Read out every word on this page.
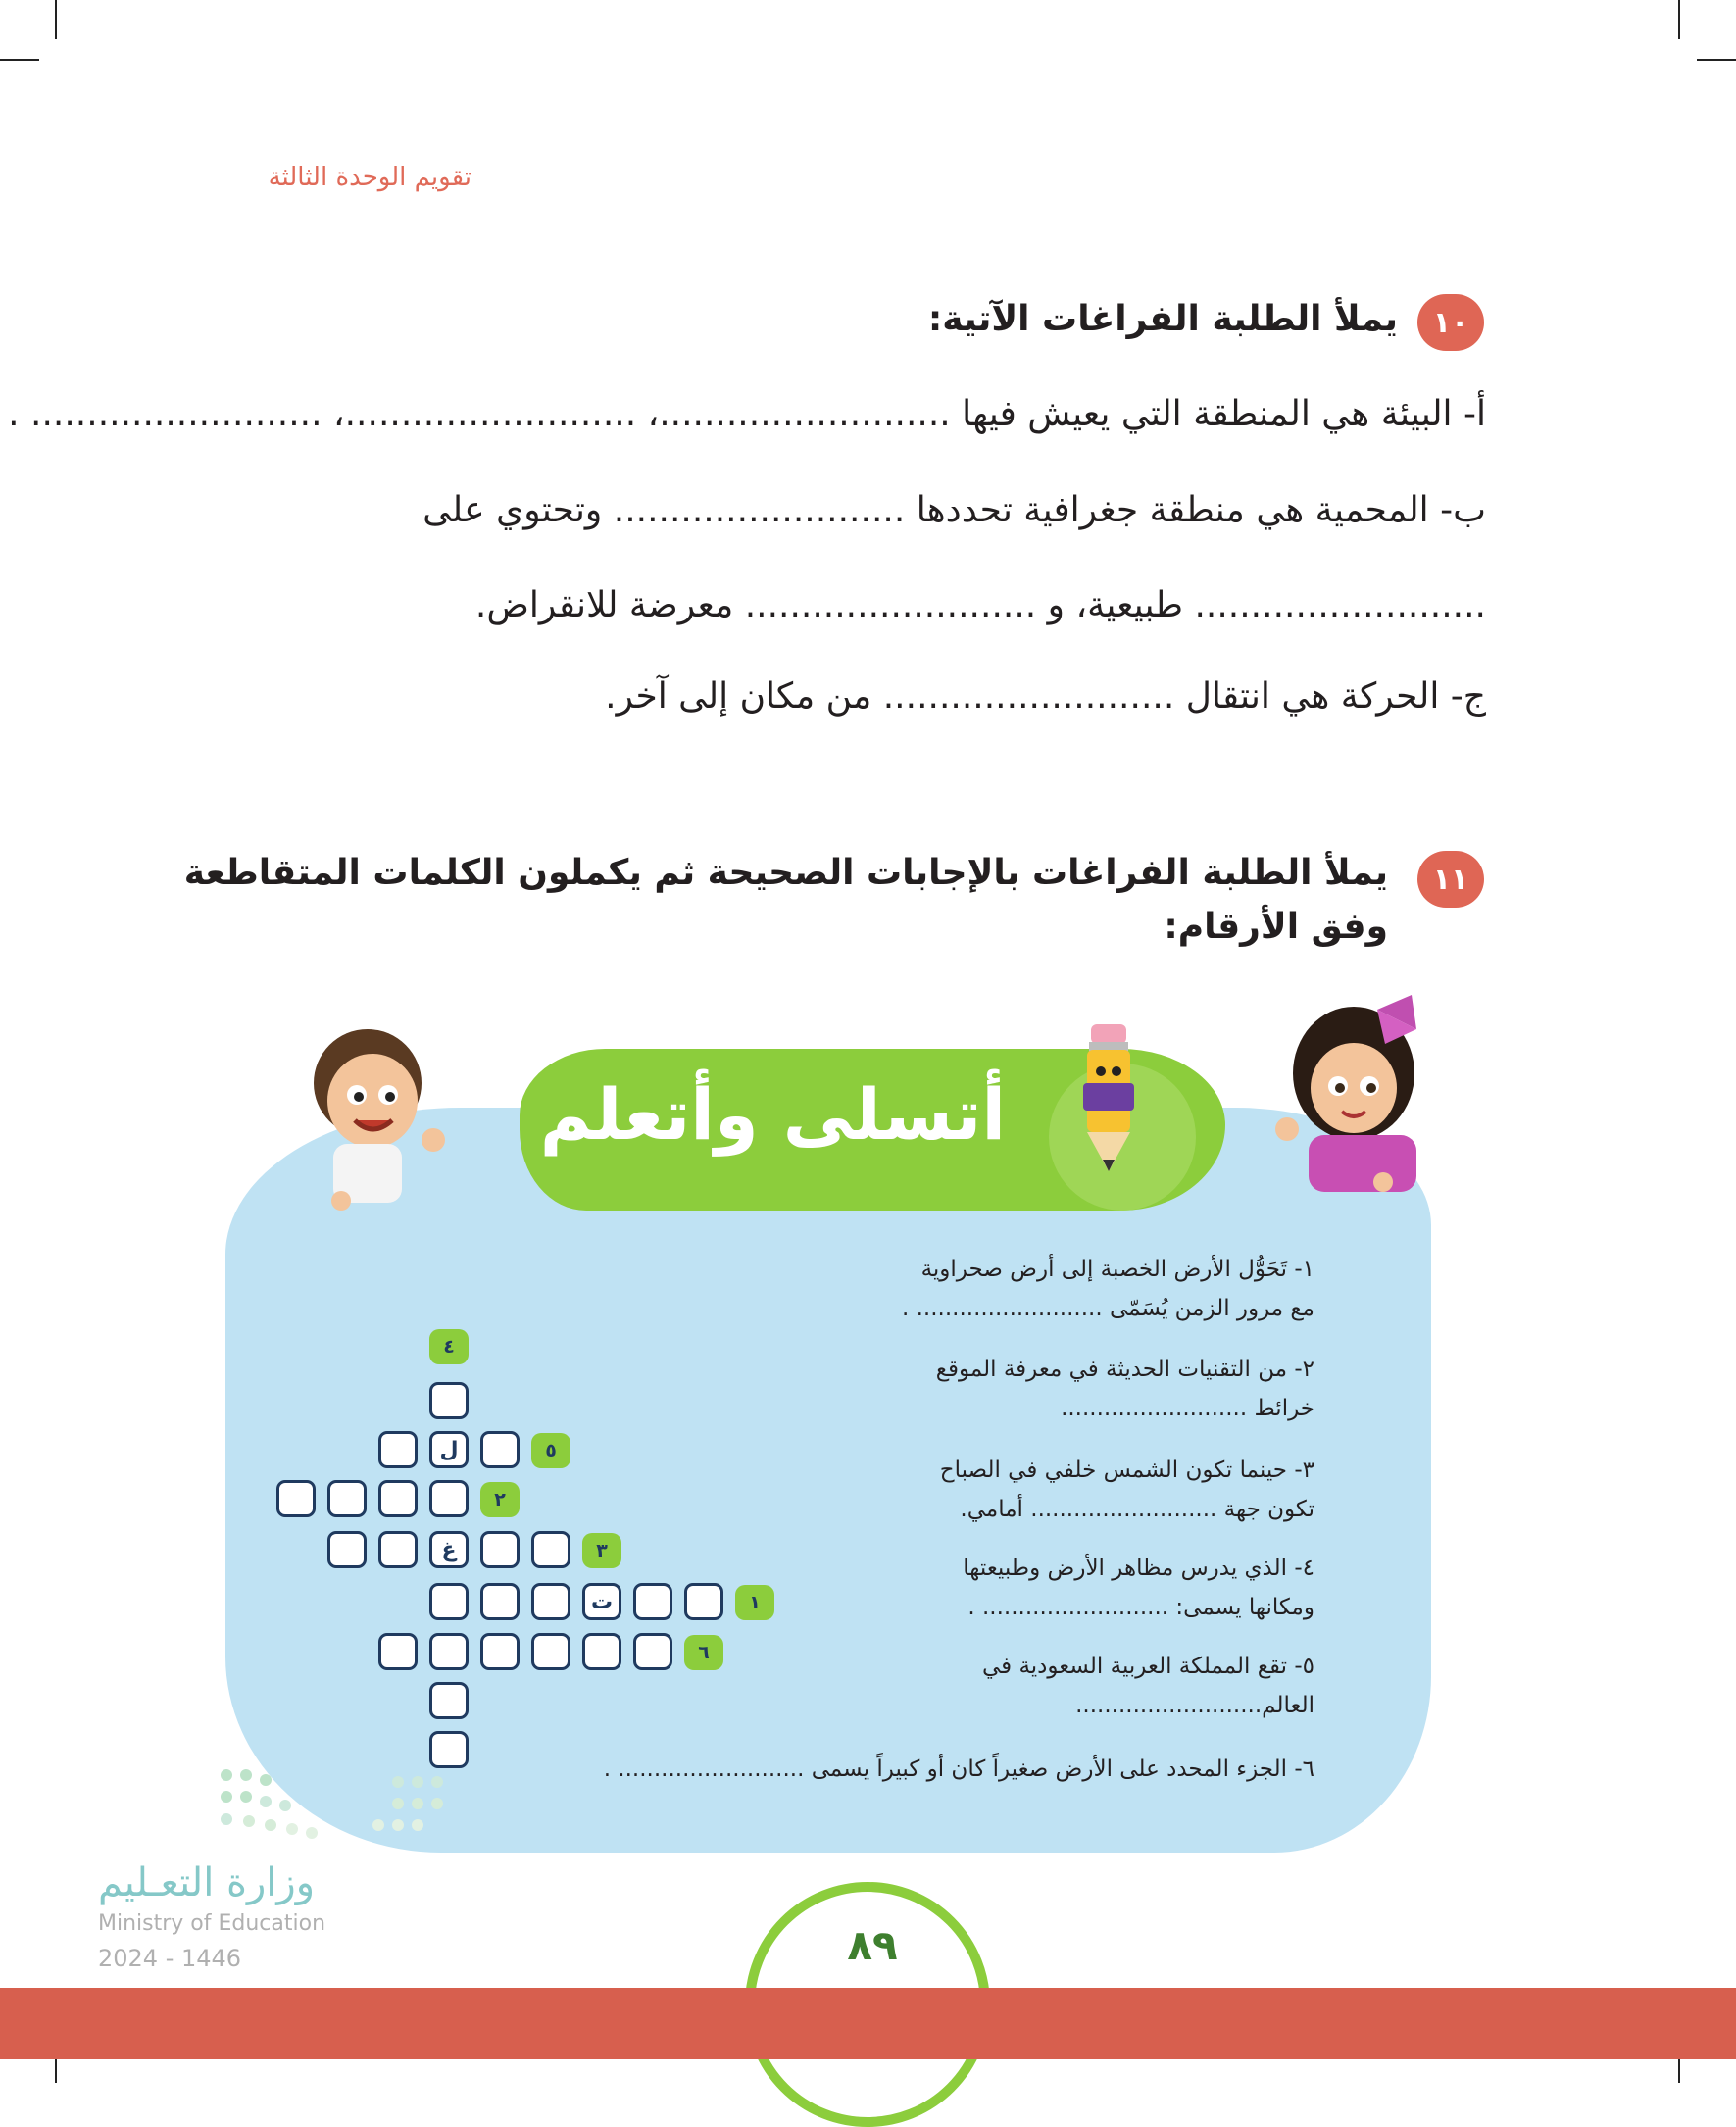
تقويم الوحدة الثالثة
١٠
يملأ الطلبة الفراغات الآتية:
أ- البيئة هي المنطقة التي يعيش فيها ..........................، ..........................، .......................... .
ب- المحمية هي منطقة جغرافية تحددها .......................... وتحتوي على
.......................... طبيعية، و .......................... معرضة للانقراض.
ج- الحركة هي انتقال .......................... من مكان إلى آخر.
١١
يملأ الطلبة الفراغات بالإجابات الصحيحة ثم يكملون الكلمات المتقاطعة
وفق الأرقام:
أتسلى وأتعلم
١- تَحَوُّل الأرض الخصبة إلى أرض صحراوية
مع مرور الزمن يُسَمّى .......................... .
٢- من التقنيات الحديثة في معرفة الموقع
خرائط ..........................
٣- حينما تكون الشمس خلفي في الصباح
تكون جهة .......................... أمامي.
٤- الذي يدرس مظاهر الأرض وطبيعتها
ومكانها يسمى: .......................... .
٥- تقع المملكة العربية السعودية في
العالم..........................
٦- الجزء المحدد على الأرض صغيراً كان أو كبيراً يسمى .......................... .
٤
ل	٥
٢
غ	٣
ت	١
٦
وزارة التعـليم
Ministry of Education
2024 - 1446	٨٩
